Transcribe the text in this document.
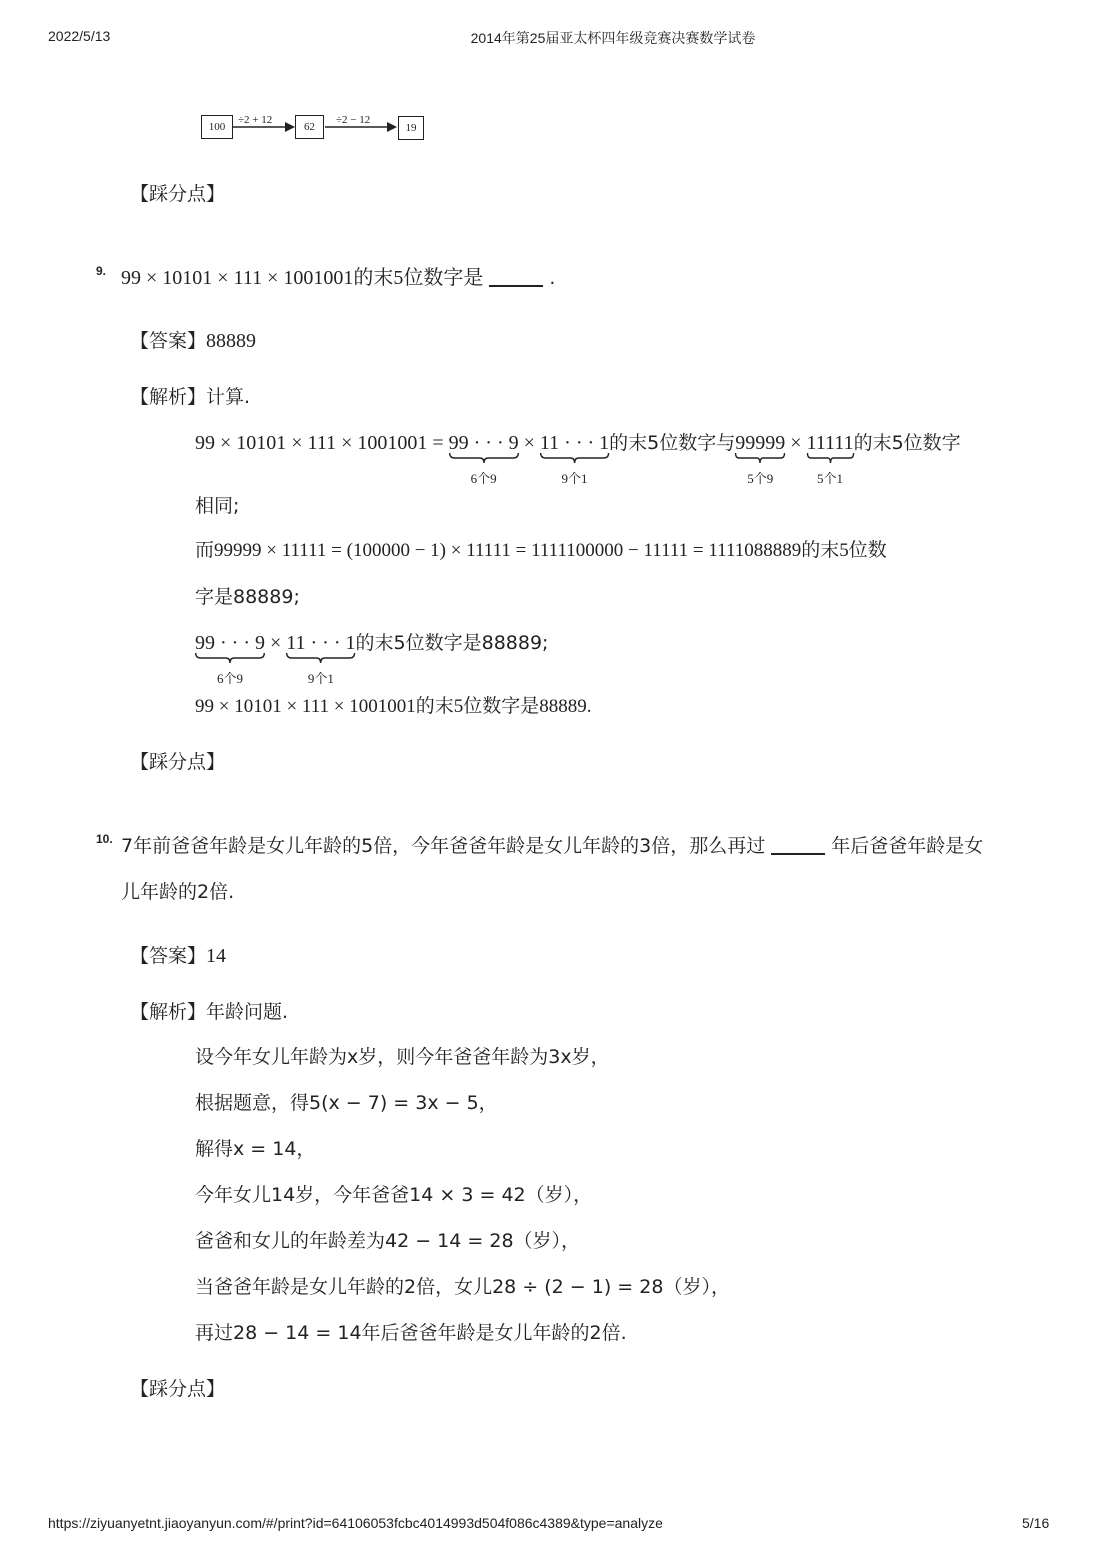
2022/5/13	2014年第25届亚太杯四年级竞赛决赛数学试卷
https://ziyuanyetnt.jiaoyanyun.com/#/print?id=64106053fcbc4014993d504f086c4389&type=analyze	5/16
100
÷2 + 12
62
÷2 − 12
19
【踩分点】
9. 99 × 10101 × 111 × 1001001的末5位数字是	.
【答案】88889
【解析】计算.
99 × 10101 × 111 × 1001001 = 99 · · · 9
6个9
× 11 · · · 1
9个1
的末5位数字与99999
5个9
× 11111
5个1
的末5位数字
相同;
而99999 × 11111 = (100000 − 1) × 11111 = 1111100000 − 11111 = 1111088889的末5位数
字是88889;
99 · · · 9
6个9
× 11 · · · 1
9个1
的末5位数字是88889;
99 × 10101 × 111 × 1001001的末5位数字是88889.
【踩分点】
10. 7年前爸爸年龄是女儿年龄的5倍，今年爸爸年龄是女儿年龄的3倍，那么再过	年后爸爸年龄是女
儿年龄的2倍.
【答案】14
【解析】年龄问题.
设今年女儿年龄为x岁，则今年爸爸年龄为3x岁，
根据题意，得5(x − 7) = 3x − 5，
解得x = 14，
今年女儿14岁，今年爸爸14 × 3 = 42（岁），
爸爸和女儿的年龄差为42 − 14 = 28（岁），
当爸爸年龄是女儿年龄的2倍，女儿28 ÷ (2 − 1) = 28（岁），
再过28 − 14 = 14年后爸爸年龄是女儿年龄的2倍.
【踩分点】
